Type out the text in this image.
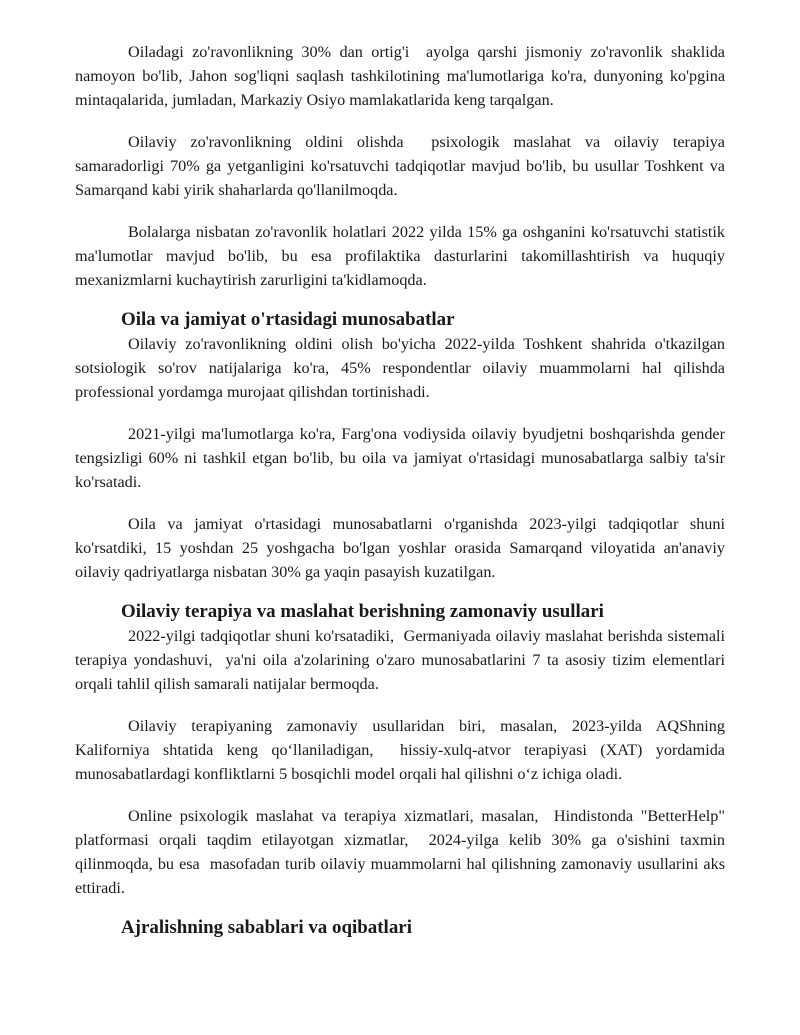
Oiladagi zo'ravonlikning 30% dan ortig'i  ayolga qarshi jismoniy zo'ravonlik shaklida namoyon bo'lib, Jahon sog'liqni saqlash tashkilotining ma'lumotlariga ko'ra, dunyoning ko'pgina mintaqalarida, jumladan, Markaziy Osiyo mamlakatlarida keng tarqalgan.

Oilaviy zo'ravonlikning oldini olishda  psixologik maslahat va oilaviy terapiya samaradorligi 70% ga yetganligini ko'rsatuvchi tadqiqotlar mavjud bo'lib, bu usullar Toshkent va Samarqand kabi yirik shaharlarda qo'llanilmoqda.

Bolalarga nisbatan zo'ravonlik holatlari 2022 yilda 15% ga oshganini ko'rsatuvchi statistik ma'lumotlar mavjud bo'lib, bu esa profilaktika dasturlarini takomillashtirish va huquqiy mexanizmlarni kuchaytirish zarurligini ta'kidlamoqda.

Oila va jamiyat o'rtasidagi munosabatlar

Oilaviy zo'ravonlikning oldini olish bo'yicha 2022-yilda Toshkent shahrida o'tkazilgan sotsiologik so'rov natijalariga ko'ra, 45% respondentlar oilaviy muammolarni hal qilishda professional yordamga murojaat qilishdan tortinishadi.

2021-yilgi ma'lumotlarga ko'ra, Farg'ona vodiysida oilaviy byudjetni boshqarishda gender tengsizligi 60% ni tashkil etgan bo'lib, bu oila va jamiyat o'rtasidagi munosabatlarga salbiy ta'sir ko'rsatadi.

Oila va jamiyat o'rtasidagi munosabatlarni o'rganishda 2023-yilgi tadqiqotlar shuni ko'rsatdiki, 15 yoshdan 25 yoshgacha bo'lgan yoshlar orasida Samarqand viloyatida an'anaviy oilaviy qadriyatlarga nisbatan 30% ga yaqin pasayish kuzatilgan.

Oilaviy terapiya va maslahat berishning zamonaviy usullari

2022-yilgi tadqiqotlar shuni ko'rsatadiki,  Germaniyada oilaviy maslahat berishda sistemali terapiya yondashuvi,  ya'ni oila a'zolarining o'zaro munosabatlarini 7 ta asosiy tizim elementlari orqali tahlil qilish samarali natijalar bermoqda.

Oilaviy terapiyaning zamonaviy usullaridan biri, masalan, 2023-yilda AQShning Kaliforniya shtatida keng qo‘llaniladigan,  hissiy-xulq-atvor terapiyasi (XAT) yordamida munosabatlardagi konfliktlarni 5 bosqichli model orqali hal qilishni o‘z ichiga oladi.

Online psixologik maslahat va terapiya xizmatlari, masalan,  Hindistonda "BetterHelp" platformasi orqali taqdim etilayotgan xizmatlar,  2024-yilga kelib 30% ga o'sishini taxmin qilinmoqda, bu esa  masofadan turib oilaviy muammolarni hal qilishning zamonaviy usullarini aks ettiradi.

Ajralishning sabablari va oqibatlari
